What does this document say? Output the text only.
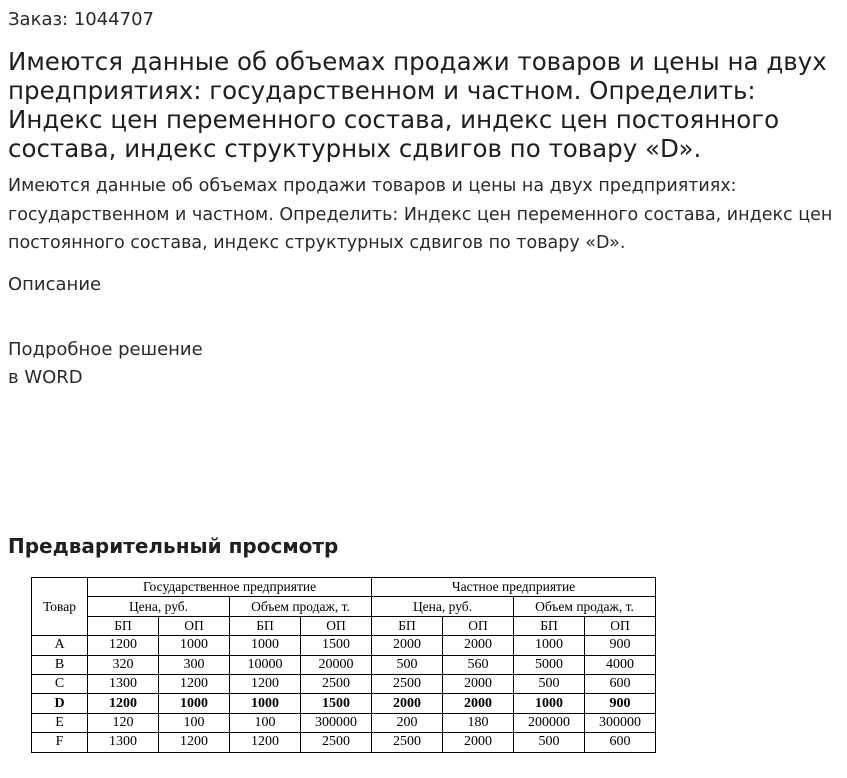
Заказ: 1044707
Имеются данные об объемах продажи товаров и цены на двух предприятиях: государственном и частном. Определить: Индекс цен переменного состава, индекс цен постоянного состава, индекс структурных сдвигов по товару «D».
Имеются данные об объемах продажи товаров и цены на двух предприятиях: государственном и частном. Определить: Индекс цен переменного состава, индекс цен постоянного состава, индекс структурных сдвигов по товару «D».
Описание
Подробное решение
в WORD
Предварительный просмотр
Товар	Государственное предприятие				Частное предприятие			
	Цена, руб.		Объем продаж, т.		Цена, руб.		Объем продаж, т.	
	БП	ОП	БП	ОП	БП	ОП	БП	ОП
A	1200	1000	1000	1500	2000	2000	1000	900
B	320	300	10000	20000	500	560	5000	4000
C	1300	1200	1200	2500	2500	2000	500	600
D	1200	1000	1000	1500	2000	2000	1000	900
E	120	100	100	300000	200	180	200000	300000
F	1300	1200	1200	2500	2500	2000	500	600
